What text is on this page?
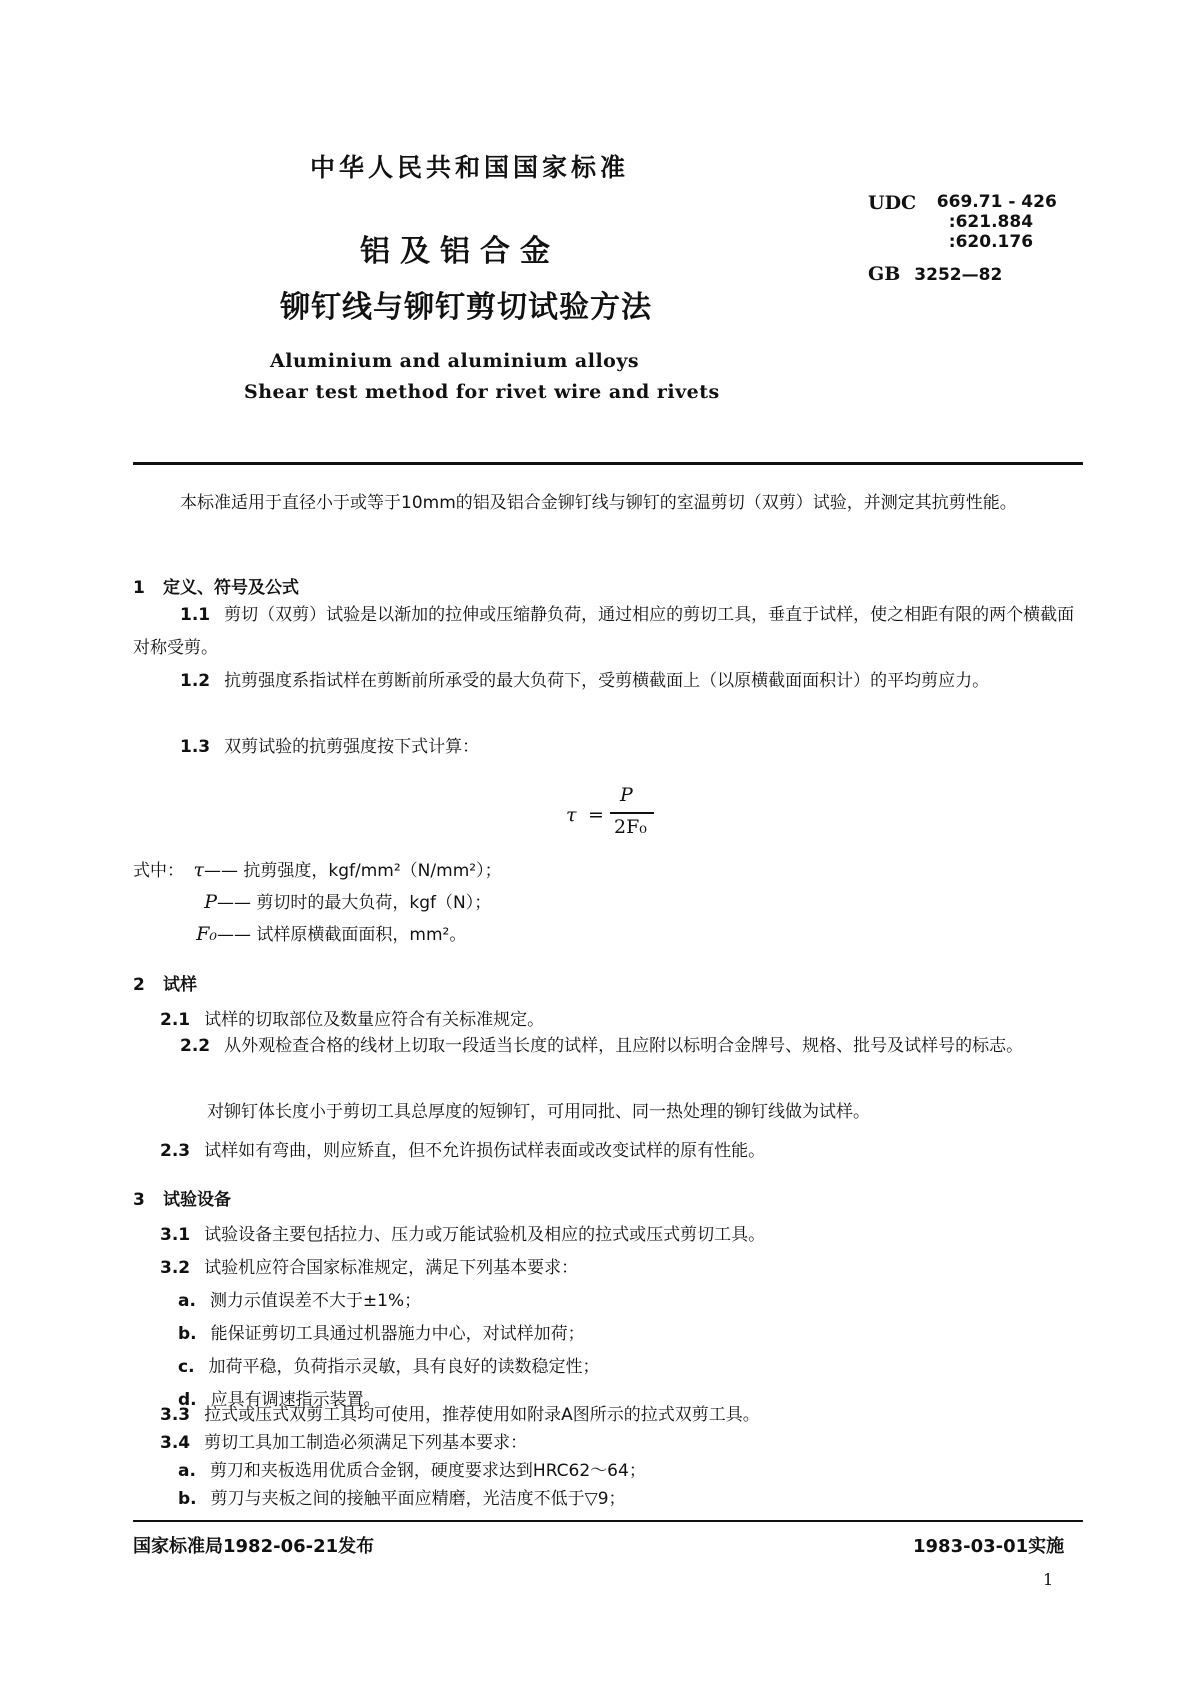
中华人民共和国国家标准
铝及铝合金
铆钉线与铆钉剪切试验方法
Aluminium and aluminium alloys
Shear test method for rivet wire and rivets
UDC 669.71 - 426
:621.884
:620.176
GB 3252—82
本标准适用于直径小于或等于10mm的铝及铝合金铆钉线与铆钉的室温剪切（双剪）试验，并测定其抗剪性能。
1 定义、符号及公式
1.1 剪切（双剪）试验是以渐加的拉伸或压缩静负荷，通过相应的剪切工具，垂直于试样，使之相距有限的两个横截面对称受剪。
1.2 抗剪强度系指试样在剪断前所承受的最大负荷下，受剪横截面上（以原横截面面积计）的平均剪应力。
1.3 双剪试验的抗剪强度按下式计算：
τ =
P
2F₀
式中： τ—— 抗剪强度，kgf/mm²（N/mm²）；
P—— 剪切时的最大负荷，kgf（N）；
F₀—— 试样原横截面面积，mm²。
2 试样
2.1 试样的切取部位及数量应符合有关标准规定。
2.2 从外观检查合格的线材上切取一段适当长度的试样，且应附以标明合金牌号、规格、批号及试样号的标志。
对铆钉体长度小于剪切工具总厚度的短铆钉，可用同批、同一热处理的铆钉线做为试样。
2.3 试样如有弯曲，则应矫直，但不允许损伤试样表面或改变试样的原有性能。
3 试验设备
3.1 试验设备主要包括拉力、压力或万能试验机及相应的拉式或压式剪切工具。
3.2 试验机应符合国家标准规定，满足下列基本要求：
a. 测力示值误差不大于±1%；
b. 能保证剪切工具通过机器施力中心，对试样加荷；
c. 加荷平稳，负荷指示灵敏，具有良好的读数稳定性；
d. 应具有调速指示装置。
3.3 拉式或压式双剪工具均可使用，推荐使用如附录A图所示的拉式双剪工具。
3.4 剪切工具加工制造必须满足下列基本要求：
a. 剪刀和夹板选用优质合金钢，硬度要求达到HRC62～64；
国家标准局1982-06-21发布	1983-03-01实施
1
b. 剪刀与夹板之间的接触平面应精磨，光洁度不低于▽9；
